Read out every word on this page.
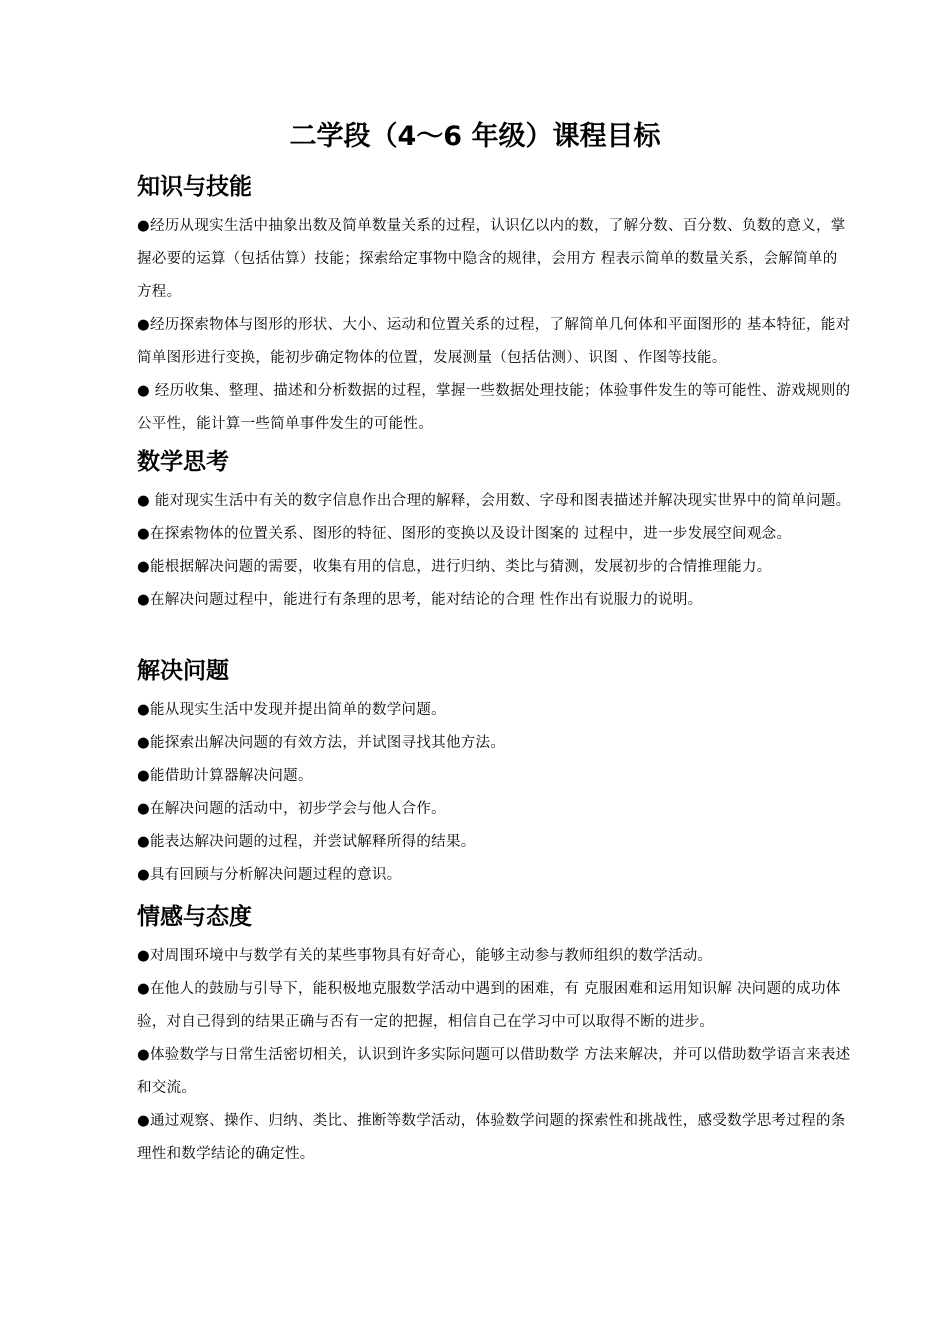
二学段（4～6 年级）课程目标
知识与技能

●经历从现实生活中抽象出数及简单数量关系的过程，认识亿以内的数，了解分数、百分数、负数的意义，掌握必要的运算（包括估算）技能；探索给定事物中隐含的规律，会用方 程表示简单的数量关系，会解简单的方程。

●经历探索物体与图形的形状、大小、运动和位置关系的过程，了解简单几何体和平面图形的 基本特征，能对简单图形进行变换，能初步确定物体的位置，发展测量（包括估测）、识图 、作图等技能。

● 经历收集、整理、描述和分析数据的过程，掌握一些数据处理技能；体验事件发生的等可能性、游戏规则的公平性，能计算一些简单事件发生的可能性。

数学思考

● 能对现实生活中有关的数字信息作出合理的解释，会用数、字母和图表描述并解决现实世界中的简单问题。

●在探索物体的位置关系、图形的特征、图形的变换以及设计图案的 过程中，进一步发展空间观念。

●能根据解决问题的需要，收集有用的信息，进行归纳、类比与猜测，发展初步的合情推理能力。

●在解决问题过程中，能进行有条理的思考，能对结论的合理 性作出有说服力的说明。

解决问题

●能从现实生活中发现并提出简单的数学问题。

●能探索出解决问题的有效方法，并试图寻找其他方法。

●能借助计算器解决问题。

●在解决问题的活动中，初步学会与他人合作。

●能表达解决问题的过程，并尝试解释所得的结果。

●具有回顾与分析解决问题过程的意识。

情感与态度

●对周围环境中与数学有关的某些事物具有好奇心，能够主动参与教师组织的数学活动。

●在他人的鼓励与引导下，能积极地克服数学活动中遇到的困难，有 克服困难和运用知识解 决问题的成功体验，对自己得到的结果正确与否有一定的把握，相信自己在学习中可以取得不断的进步。

●体验数学与日常生活密切相关，认识到许多实际问题可以借助数学 方法来解决，并可以借助数学语言来表述和交流。

●通过观察、操作、归纳、类比、推断等数学活动，体验数学问题的探索性和挑战性，感受数学思考过程的条理性和数学结论的确定性。
